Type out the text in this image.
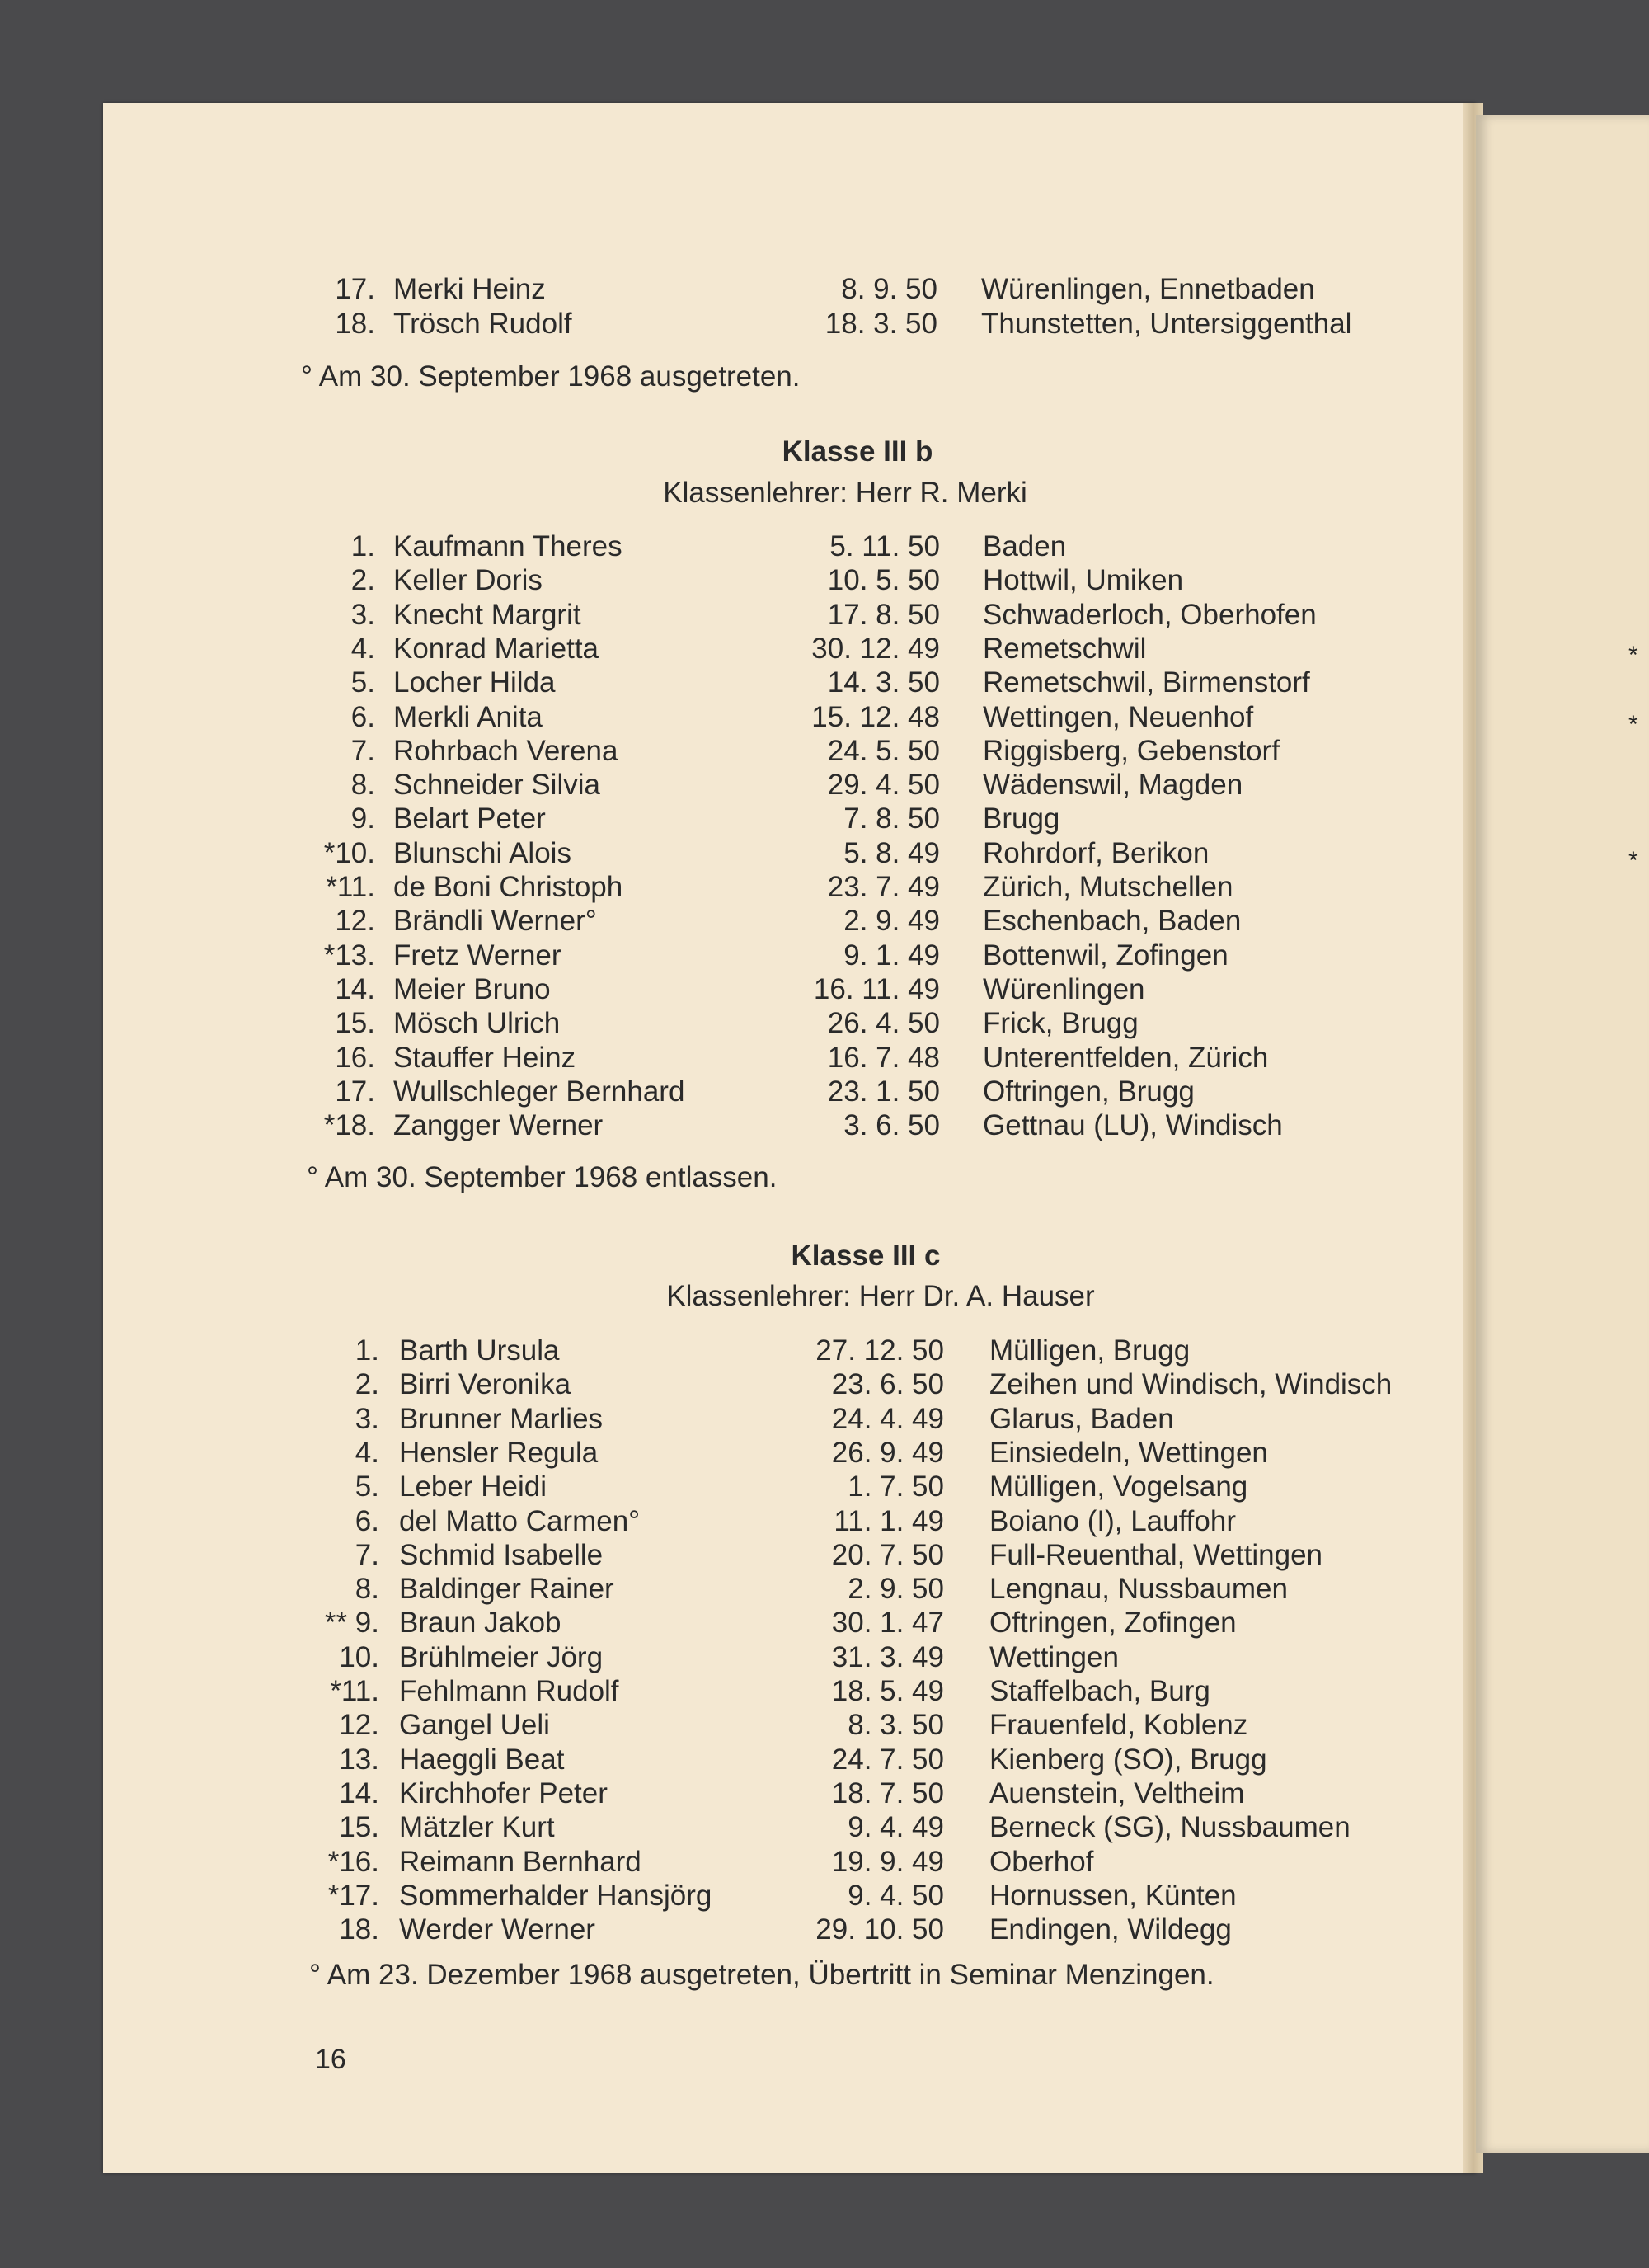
*
*
*
17. Merki Heinz	8. 9. 50 Würenlingen, Ennetbaden
18. Trösch Rudolf	18. 3. 50 Thunstetten, Untersiggenthal
° Am 30. September 1968 ausgetreten.
Klasse III b
Klassenlehrer: Herr R. Merki
1. Kaufmann Theres	5. 11. 50 Baden
2. Keller Doris	10. 5. 50 Hottwil, Umiken
3. Knecht Margrit	17. 8. 50 Schwaderloch, Oberhofen
4. Konrad Marietta	30. 12. 49 Remetschwil
5. Locher Hilda	14. 3. 50 Remetschwil, Birmenstorf
6. Merkli Anita	15. 12. 48 Wettingen, Neuenhof
7. Rohrbach Verena	24. 5. 50 Riggisberg, Gebenstorf
8. Schneider Silvia	29. 4. 50 Wädenswil, Magden
9. Belart Peter	7. 8. 50 Brugg
*10. Blunschi Alois	5. 8. 49 Rohrdorf, Berikon
*11. de Boni Christoph	23. 7. 49 Zürich, Mutschellen
12. Brändli Werner°	2. 9. 49 Eschenbach, Baden
*13. Fretz Werner	9. 1. 49 Bottenwil, Zofingen
14. Meier Bruno	16. 11. 49 Würenlingen
15. Mösch Ulrich	26. 4. 50 Frick, Brugg
16. Stauffer Heinz	16. 7. 48 Unterentfelden, Zürich
17. Wullschleger Bernhard	23. 1. 50 Oftringen, Brugg
*18. Zangger Werner	3. 6. 50 Gettnau (LU), Windisch
° Am 30. September 1968 entlassen.
Klasse III c
Klassenlehrer: Herr Dr. A. Hauser
1. Barth Ursula	27. 12. 50 Mülligen, Brugg
2. Birri Veronika	23. 6. 50 Zeihen und Windisch, Windisch
3. Brunner Marlies	24. 4. 49 Glarus, Baden
4. Hensler Regula	26. 9. 49 Einsiedeln, Wettingen
5. Leber Heidi	1. 7. 50 Mülligen, Vogelsang
6. del Matto Carmen°	11. 1. 49 Boiano (I), Lauffohr
7. Schmid Isabelle	20. 7. 50 Full-Reuenthal, Wettingen
8. Baldinger Rainer	2. 9. 50 Lengnau, Nussbaumen
** 9. Braun Jakob	30. 1. 47 Oftringen, Zofingen
10. Brühlmeier Jörg	31. 3. 49 Wettingen
*11. Fehlmann Rudolf	18. 5. 49 Staffelbach, Burg
12. Gangel Ueli	8. 3. 50 Frauenfeld, Koblenz
13. Haeggli Beat	24. 7. 50 Kienberg (SO), Brugg
14. Kirchhofer Peter	18. 7. 50 Auenstein, Veltheim
15. Mätzler Kurt	9. 4. 49 Berneck (SG), Nussbaumen
*16. Reimann Bernhard	19. 9. 49 Oberhof
*17. Sommerhalder Hansjörg	9. 4. 50 Hornussen, Künten
18. Werder Werner	29. 10. 50 Endingen, Wildegg
° Am 23. Dezember 1968 ausgetreten, Übertritt in Seminar Menzingen.
16
